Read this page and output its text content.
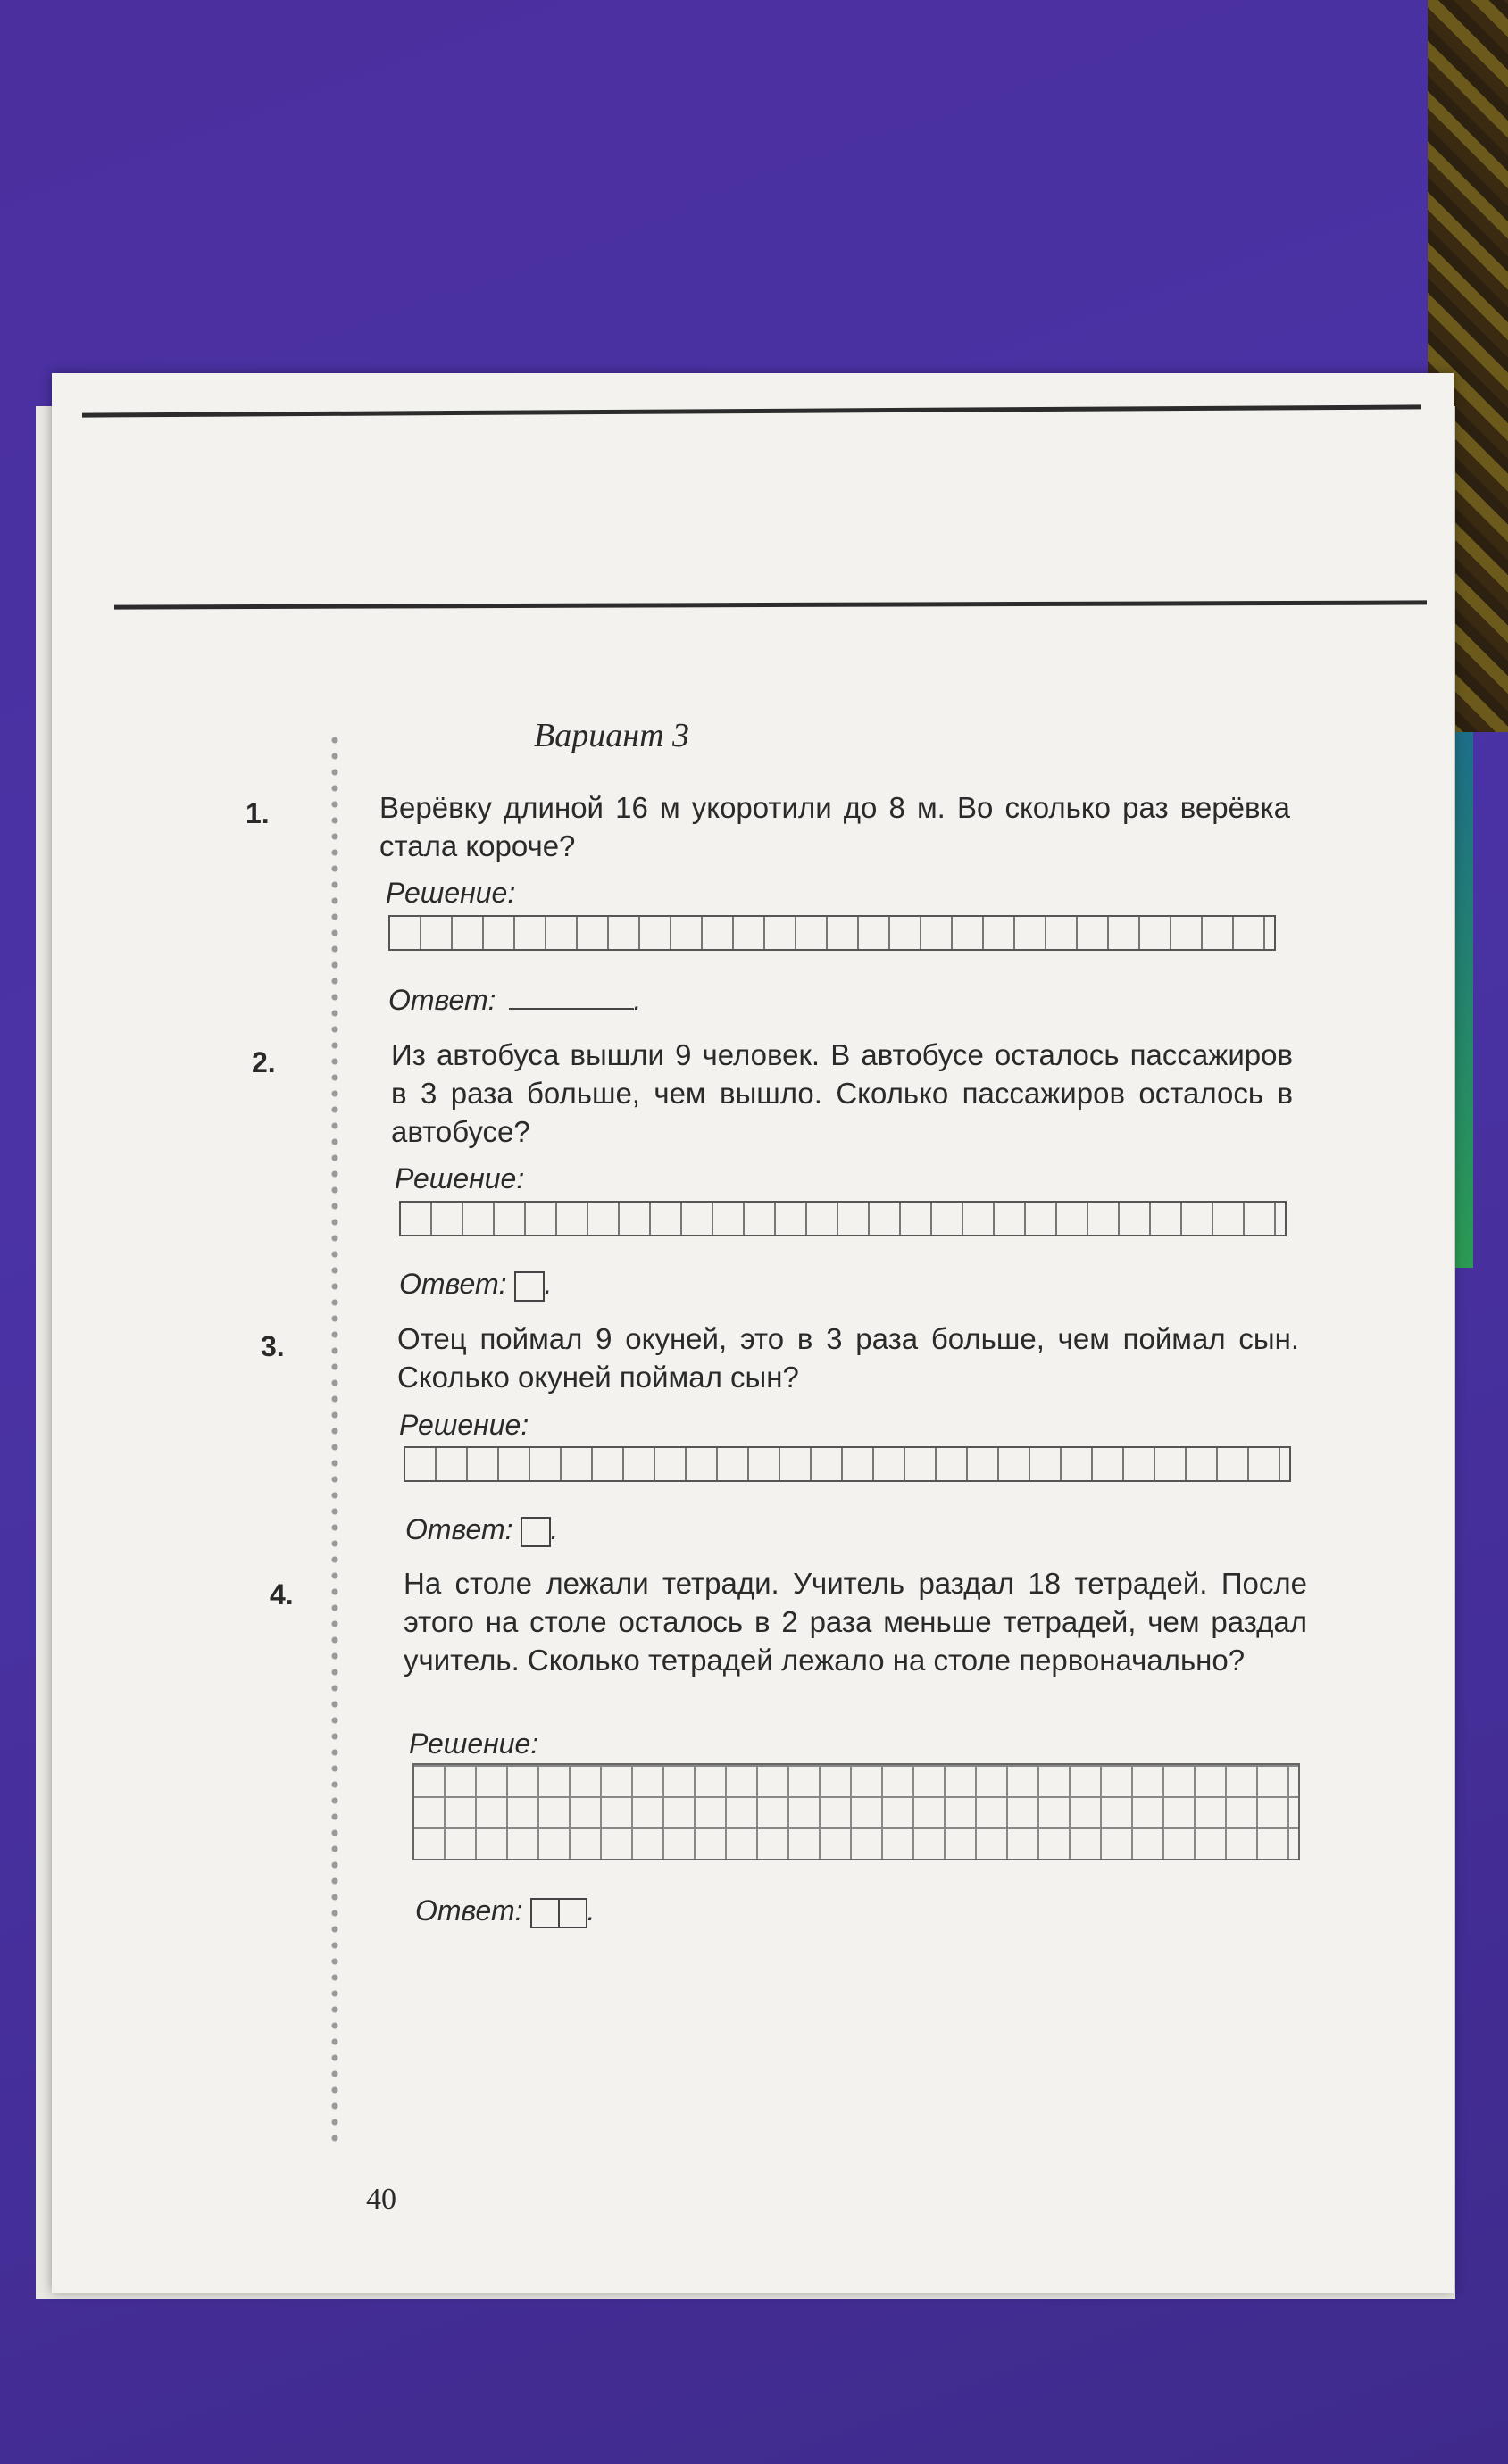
Вариант 3
1.	Верёвку длиной 16 м укоротили до 8 м. Во сколько раз верёвка стала короче?
Решение:
Ответ:	.
2.	Из автобуса вышли 9 человек. В автобусе осталось пассажиров в 3 раза больше, чем вышло. Сколько пассажиров осталось в автобусе?
Решение:
Ответ: .
3.	Отец поймал 9 окуней, это в 3 раза больше, чем поймал сын. Сколько окуней поймал сын?
Решение:
Ответ: .
4.	На столе лежали тетради. Учитель раздал 18 тетрадей. После этого на столе осталось в 2 раза меньше тетрадей, чем раздал учитель. Сколько тетрадей лежало на столе первоначально?
Решение:
Ответ: .
40
